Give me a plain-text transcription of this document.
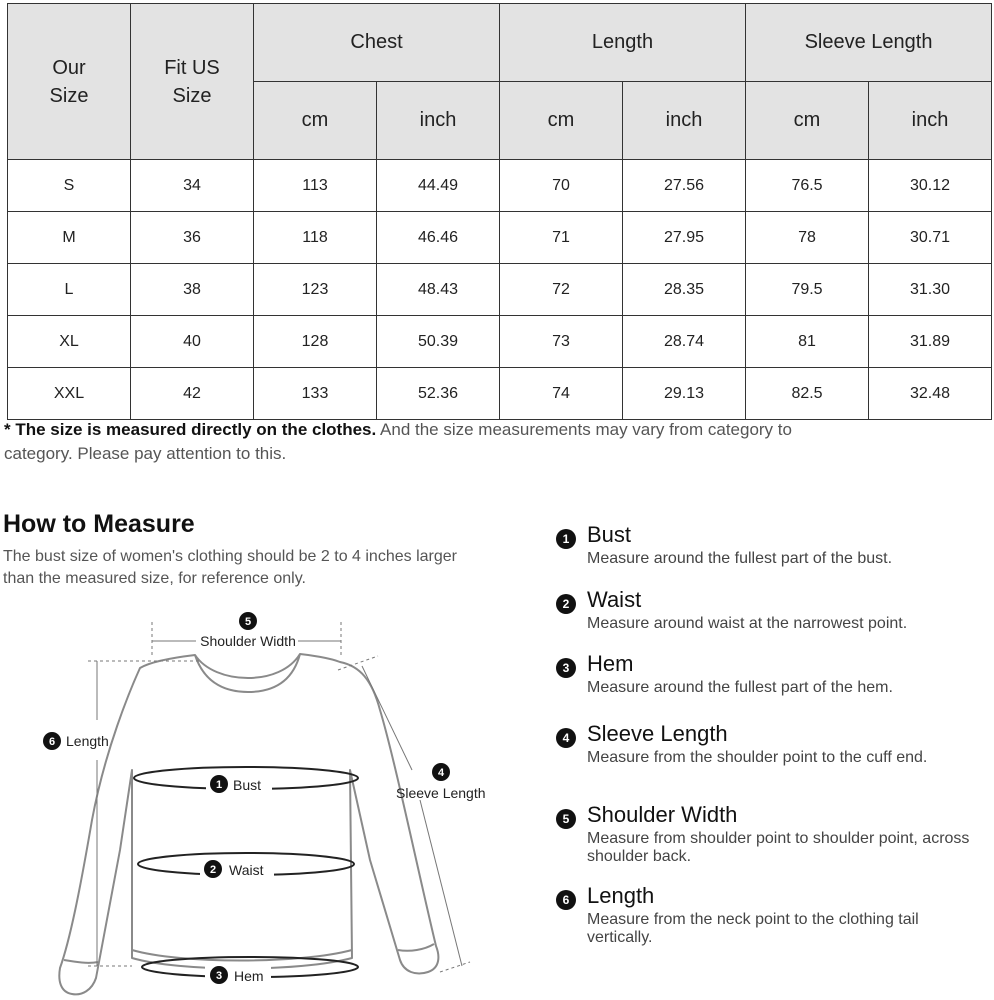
Our Size	Fit US Size	Chest		Length		Sleeve Length	
		cm	inch	cm	inch	cm	inch
S	34	113	44.49	70	27.56	76.5	30.12
M	36	118	46.46	71	27.95	78	30.71
L	38	123	48.43	72	28.35	79.5	31.30
XL	40	128	50.39	73	28.74	81	31.89
XXL	42	133	52.36	74	29.13	82.5	32.48
* The size is measured directly on the clothes. And the size measurements may vary from category to category. Please pay attention to this.
How to Measure
The bust size of women's clothing should be 2 to 4 inches larger than the measured size, for reference only.
5
Shoulder Width
6 Length
1 Bust
4
Sleeve Length
2 Waist
3 Hem
1 Bust
Measure around the fullest part of the bust.
2 Waist
Measure around waist at the narrowest point.
3 Hem
Measure around the fullest part of the hem.
4 Sleeve Length
Measure from the shoulder point to the cuff end.
5 Shoulder Width
Measure from shoulder point to shoulder point, across shoulder back.
6 Length
Measure from the neck point to the clothing tail vertically.
